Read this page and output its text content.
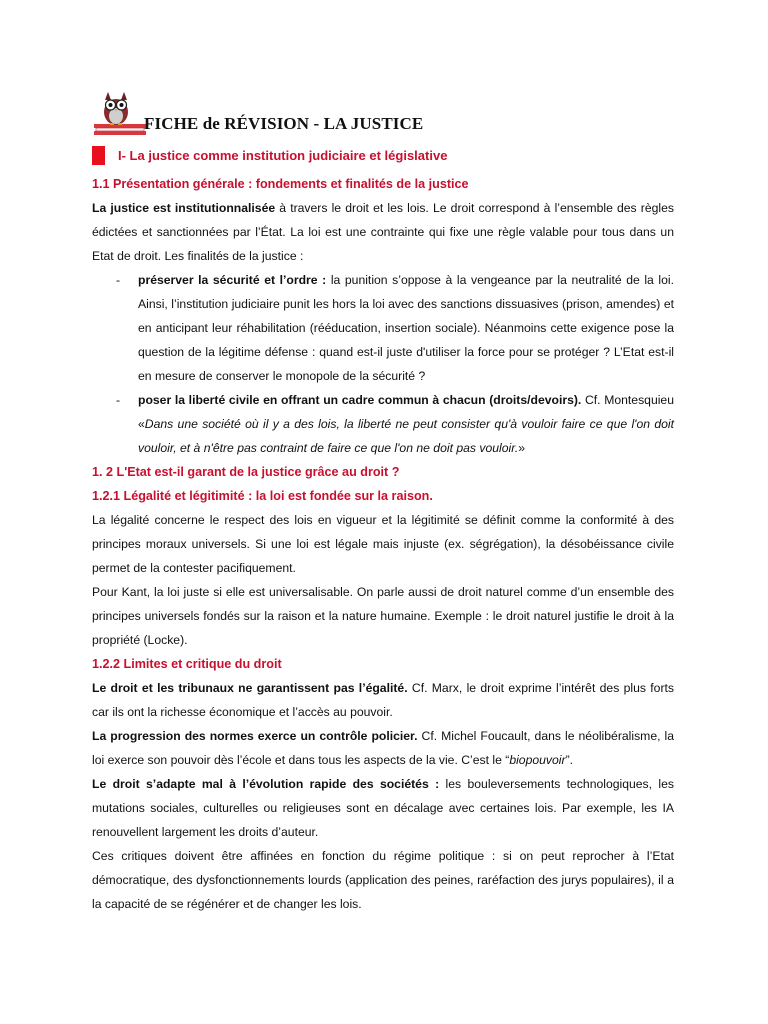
FICHE de RÉVISION - LA JUSTICE
I- La justice comme institution judiciaire et législative
1.1 Présentation générale : fondements et finalités de la justice

La justice est institutionnalisée à travers le droit et les lois. Le droit correspond à l’ensemble des règles édictées et sanctionnées par l’État. La loi est une contrainte qui fixe une règle valable pour tous dans un Etat de droit. Les finalités de la justice :

- préserver la sécurité et l’ordre : la punition s’oppose à la vengeance par la neutralité de la loi. Ainsi, l’institution judiciaire punit les hors la loi avec des sanctions dissuasives (prison, amendes) et en anticipant leur réhabilitation (rééducation, insertion sociale). Néanmoins cette exigence pose la question de la légitime défense : quand est-il juste d'utiliser la force pour se protéger ? L’Etat est-il en mesure de conserver le monopole de la sécurité ?
- poser la liberté civile en offrant un cadre commun à chacun (droits/devoirs). Cf. Montesquieu «Dans une société où il y a des lois, la liberté ne peut consister qu'à vouloir faire ce que l'on doit vouloir, et à n'être pas contraint de faire ce que l'on ne doit pas vouloir.»
1. 2 L'Etat est-il garant de la justice grâce au droit ?
1.2.1 Légalité et légitimité : la loi est fondée sur la raison.

La légalité concerne le respect des lois en vigueur et la légitimité se définit comme la conformité à des principes moraux universels. Si une loi est légale mais injuste (ex. ségrégation), la désobéissance civile permet de la contester pacifiquement.

Pour Kant, la loi juste si elle est universalisable. On parle aussi de droit naturel comme d’un ensemble des principes universels fondés sur la raison et la nature humaine. Exemple : le droit naturel justifie le droit à la propriété (Locke).

1.2.2 Limites et critique du droit

Le droit et les tribunaux ne garantissent pas l’égalité. Cf. Marx, le droit exprime l’intérêt des plus forts car ils ont la richesse économique et l’accès au pouvoir.

La progression des normes exerce un contrôle policier. Cf. Michel Foucault, dans le néolibéralisme, la loi exerce son pouvoir dès l’école et dans tous les aspects de la vie. C’est le “biopouvoir”.

Le droit s’adapte mal à l’évolution rapide des sociétés : les bouleversements technologiques, les mutations sociales, culturelles ou religieuses sont en décalage avec certaines lois. Par exemple, les IA renouvellent largement les droits d’auteur.

Ces critiques doivent être affinées en fonction du régime politique : si on peut reprocher à l’Etat démocratique, des dysfonctionnements lourds (application des peines, raréfaction des jurys populaires), il a la capacité de se régénérer et de changer les lois.
